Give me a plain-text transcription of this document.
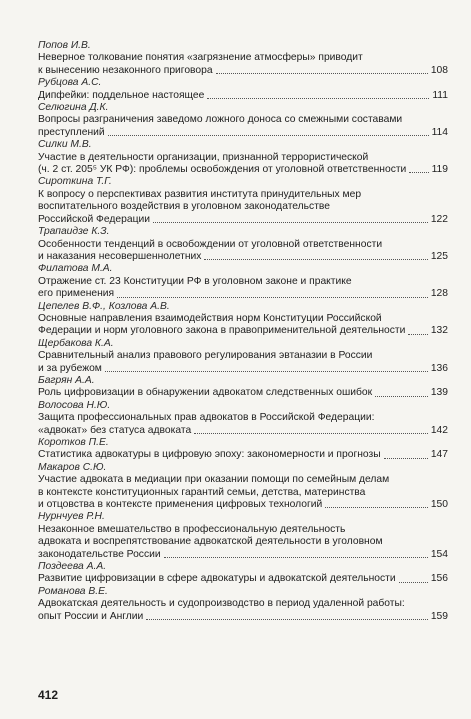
Попов И.В.
Неверное толкование понятия «загрязнение атмосферы» приводит
к вынесению незаконного приговора	108
Рубцова А.С.
Дипфейки: поддельное настоящее	111
Селюгина Д.К.
Вопросы разграничения заведомо ложного доноса со смежными составами
преступлений	114
Силки М.В.
Участие в деятельности организации, признанной террористической
(ч. 2 ст. 205⁵ УК РФ): проблемы освобождения от уголовной ответственности 119
Сироткина Т.Г.
К вопросу о перспективах развития института принудительных мер
воспитательного воздействия в уголовном законодательстве
Российской Федерации	122
Трапаидзе К.З.
Особенности тенденций в освобождении от уголовной ответственности
и наказания несовершеннолетних	125
Филатова М.А.
Отражение ст. 23 Конституции РФ в уголовном законе и практике
его применения	128
Цепелев В.Ф., Козлова А.В.
Основные направления взаимодействия норм Конституции Российской
Федерации и норм уголовного закона в правоприменительной деятельности 132
Щербакова К.А.
Сравнительный анализ правового регулирования эвтаназии в России
и за рубежом	136
Багрян А.А.
Роль цифровизации в обнаружении адвокатом следственных ошибок	139
Волосова Н.Ю.
Защита профессиональных прав адвокатов в Российской Федерации:
«адвокат» без статуса адвоката	142
Коротков П.Е.
Статистика адвокатуры в цифровую эпоху: закономерности и прогнозы	147
Макаров С.Ю.
Участие адвоката в медиации при оказании помощи по семейным делам
в контексте конституционных гарантий семьи, детства, материнства
и отцовства в контексте применения цифровых технологий	150
Нурнчуев Р.Н.
Незаконное вмешательство в профессиональную деятельность
адвоката и воспрепятствование адвокатской деятельности в уголовном
законодательстве России	154
Поздеева А.А.
Развитие цифровизации в сфере адвокатуры и адвокатской деятельности	156
Романова В.Е.
Адвокатская деятельность и судопроизводство в период удаленной работы:
опыт России и Англии	159
412
